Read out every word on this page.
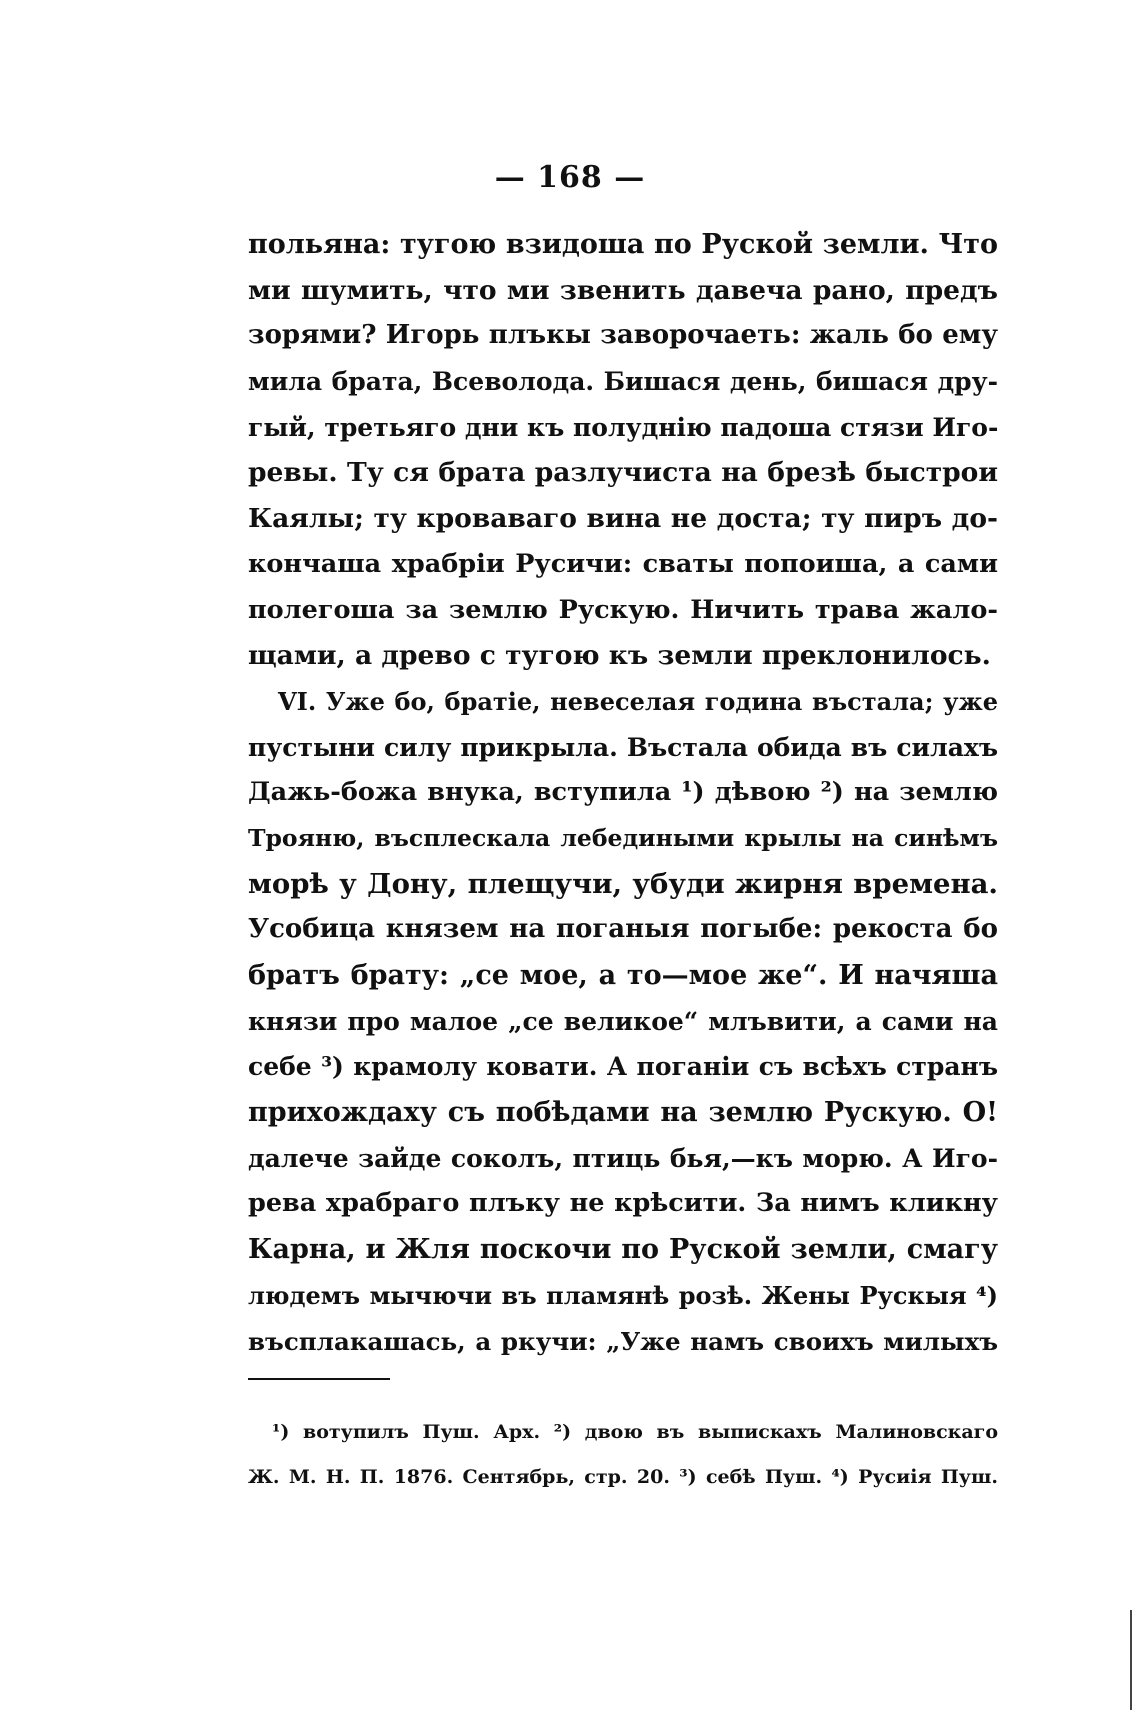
— 168 —
польяна: тугою взидоша по Руской земли. Что
ми шумить, что ми звенить давеча рано, предъ
зорями? Игорь плъкы заворочаеть: жаль бо ему
мила брата, Всеволода. Бишася день, бишася дру-
гый, третьяго дни къ полуднію падоша стязи Иго-
ревы. Ту ся брата разлучиста на брезѣ быстрои
Каялы; ту кроваваго вина не доста; ту пиръ до-
кончаша храбріи Русичи: сваты попоиша, а сами
полегоша за землю Рускую. Ничить трава жало-
щами, а древо с тугою къ земли преклонилось.
VI. Уже бо, братіе, невеселая година въстала; уже
пустыни силу прикрыла. Въстала обида въ силахъ
Дажь-божа внука, вступила ¹) дѣвою ²) на землю
Трояню, въсплескала лебедиными крылы на синѣмъ
морѣ у Дону, плещучи, убуди жирня времена.
Усобица князем на поганыя погыбе: рекоста бо
братъ брату: „се мое, а то—мое же“. И начяша
князи про малое „се великое“ млъвити, а сами на
себе ³) крамолу ковати. А поганіи съ всѣхъ странъ
прихождаху съ побѣдами на землю Рускую. О!
далече зайде соколъ, птиць бья,—къ морю. А Иго-
рева храбраго плъку не крѣсити. За нимъ кликну
Карна, и Жля поскочи по Руской земли, смагу
людемъ мычючи въ пламянѣ розѣ. Жены Рускыя ⁴)
въсплакашась, а ркучи: „Уже намъ своихъ милыхъ
¹) вотупилъ Пуш. Арх. ²) двою въ выпискахъ Малиновскаго
Ж. М. Н. П. 1876. Сентябрь, стр. 20. ³) себѣ Пуш. ⁴) Русиія Пуш.
